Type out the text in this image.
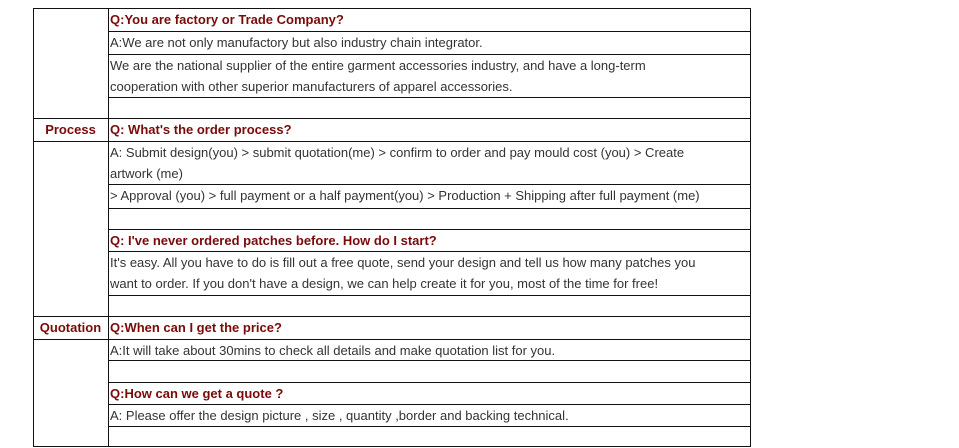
Q:You are factory or Trade Company?
A:We are not only manufactory but also industry chain integrator.
We are the national supplier of the entire garment accessories industry, and have a long-term
cooperation with other superior manufacturers of apparel accessories.
Process	Q: What's the order process?
A: Submit design(you) > submit quotation(me) > confirm to order and pay mould cost (you) > Create
artwork (me)
> Approval (you) > full payment or a half payment(you) > Production + Shipping after full payment (me)
Q: I've never ordered patches before. How do I start?
It's easy. All you have to do is fill out a free quote, send your design and tell us how many patches you
want to order. If you don't have a design, we can help create it for you, most of the time for free!
Quotation Q:When can I get the price?
A:It will take about 30mins to check all details and make quotation list for you.
Q:How can we get a quote ?
A: Please offer the design picture , size , quantity ,border and backing technical.
